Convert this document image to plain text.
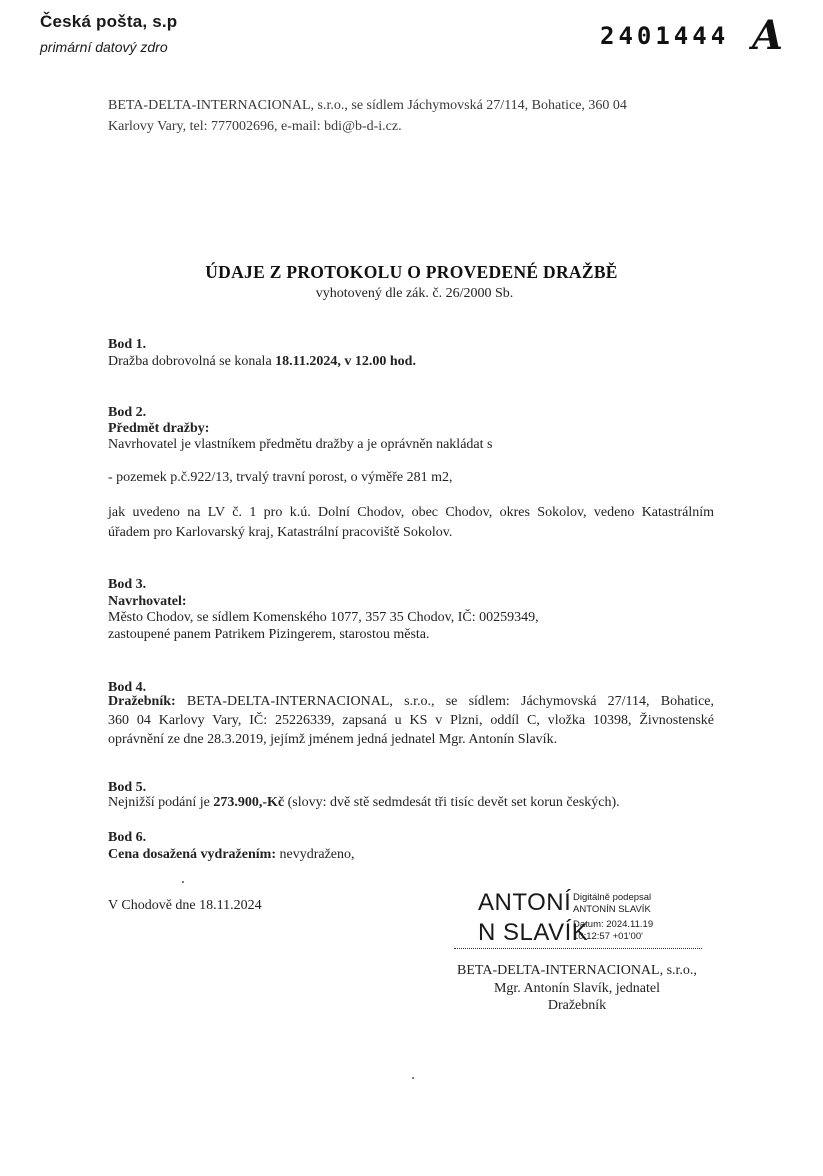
Česká pošta, s.p
primární datový zdro	2401444 A
BETA-DELTA-INTERNACIONAL, s.r.o., se sídlem Jáchymovská 27/114, Bohatice, 360 04
Karlovy Vary, tel: 777002696, e-mail: bdi@b-d-i.cz.
ÚDAJE Z PROTOKOLU O PROVEDENÉ DRAŽBĚ
vyhotovený dle zák. č. 26/2000 Sb.
Bod 1.
Dražba dobrovolná se konala 18.11.2024, v 12.00 hod.
Bod 2.
Předmět dražby:
Navrhovatel je vlastníkem předmětu dražby a je oprávněn nakládat s
- pozemek p.č.922/13, trvalý travní porost, o výměře 281 m2,
jak uvedeno na LV č. 1 pro k.ú. Dolní Chodov, obec Chodov, okres Sokolov, vedeno Katastrálním
úřadem pro Karlovarský kraj, Katastrální pracoviště Sokolov.
Bod 3.
Navrhovatel:
Město Chodov, se sídlem Komenského 1077, 357 35 Chodov, IČ: 00259349,
zastoupené panem Patrikem Pizingerem, starostou města.
Bod 4.
Dražebník: BETA-DELTA-INTERNACIONAL, s.r.o., se sídlem: Jáchymovská 27/114, Bohatice,
360 04 Karlovy Vary, IČ: 25226339, zapsaná u KS v Plzni, oddíl C, vložka 10398, Živnostenské
oprávnění ze dne 28.3.2019, jejímž jménem jedná jednatel Mgr. Antonín Slavík.
Bod 5.
Nejnižší podání je 273.900,-Kč (slovy: dvě stě sedmdesát tři tisíc devět set korun českých).
Bod 6.
Cena dosažená vydražením: nevydraženo,
V Chodově dne 18.11.2024	ANTONÍ
N SLAVÍK
Digitálně podepsal
ANTONÍN SLAVÍK
Datum: 2024.11.19
10:12:57 +01'00'
BETA-DELTA-INTERNACIONAL, s.r.o.,
Mgr. Antonín Slavík, jednatel
Dražebník
